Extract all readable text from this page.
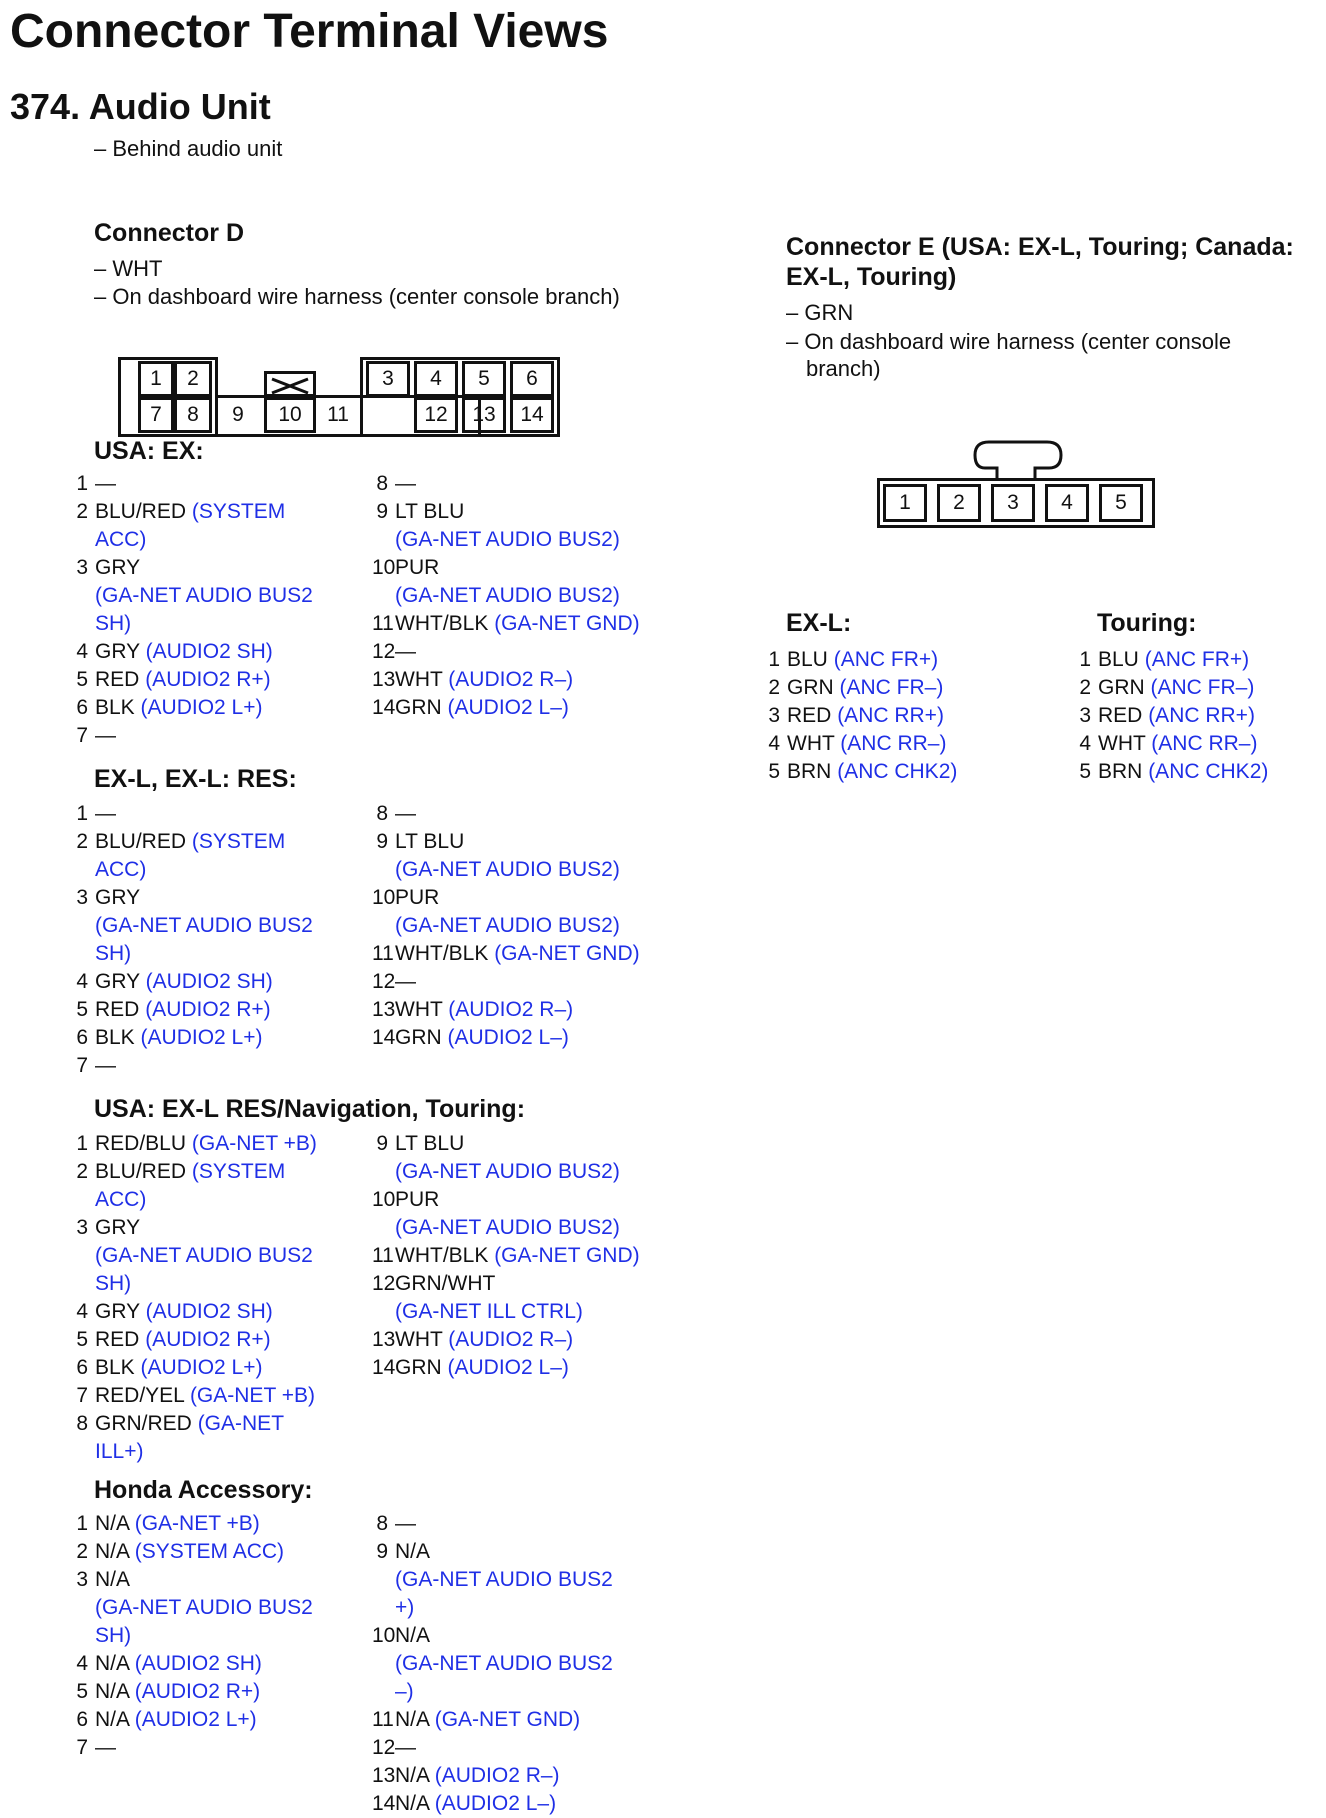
Connector Terminal Views
374. Audio Unit
– Behind audio unit
Connector D
– WHT
– On dashboard wire harness (center console branch)
1	2	3	4	5	6
7	8	9	10	11	12	13	14
USA: EX:
1 —
2 BLU/RED (SYSTEM ACC)
3 GRY
(GA-NET AUDIO BUS2 SH)
4 GRY (AUDIO2 SH)
5 RED (AUDIO2 R+)
6 BLK (AUDIO2 L+)
7 —
8 —
9 LT BLU
(GA-NET AUDIO BUS2)
10 PUR
(GA-NET AUDIO BUS2)
11 WHT/BLK (GA-NET GND)
12 —
13 WHT (AUDIO2 R–)
14 GRN (AUDIO2 L–)
EX-L, EX-L: RES:
1 —
2 BLU/RED (SYSTEM ACC)
3 GRY
(GA-NET AUDIO BUS2 SH)
4 GRY (AUDIO2 SH)
5 RED (AUDIO2 R+)
6 BLK (AUDIO2 L+)
7 —
8 —
9 LT BLU
(GA-NET AUDIO BUS2)
10 PUR
(GA-NET AUDIO BUS2)
11 WHT/BLK (GA-NET GND)
12 —
13 WHT (AUDIO2 R–)
14 GRN (AUDIO2 L–)
USA: EX-L RES/Navigation, Touring:
1 RED/BLU (GA-NET +B)
2 BLU/RED (SYSTEM ACC)
3 GRY
(GA-NET AUDIO BUS2 SH)
4 GRY (AUDIO2 SH)
5 RED (AUDIO2 R+)
6 BLK (AUDIO2 L+)
7 RED/YEL (GA-NET +B)
8 GRN/RED (GA-NET ILL+)
9 LT BLU
(GA-NET AUDIO BUS2)
10 PUR
(GA-NET AUDIO BUS2)
11 WHT/BLK (GA-NET GND)
12 GRN/WHT
(GA-NET ILL CTRL)
13 WHT (AUDIO2 R–)
14 GRN (AUDIO2 L–)
Honda Accessory:
1 N/A (GA-NET +B)
2 N/A (SYSTEM ACC)
3 N/A
(GA-NET AUDIO BUS2 SH)
4 N/A (AUDIO2 SH)
5 N/A (AUDIO2 R+)
6 N/A (AUDIO2 L+)
7 —
8 —
9 N/A
(GA-NET AUDIO BUS2 +)
10 N/A
(GA-NET AUDIO BUS2 –)
11 N/A (GA-NET GND)
12 —
13 N/A (AUDIO2 R–)
14 N/A (AUDIO2 L–)
Connector E (USA: EX-L, Touring; Canada: EX-L, Touring)
– GRN
– On dashboard wire harness (center console branch)
1	2	3	4	5
EX-L:
1 BLU (ANC FR+)
2 GRN (ANC FR–)
3 RED (ANC RR+)
4 WHT (ANC RR–)
5 BRN (ANC CHK2)
Touring:
1 BLU (ANC FR+)
2 GRN (ANC FR–)
3 RED (ANC RR+)
4 WHT (ANC RR–)
5 BRN (ANC CHK2)
